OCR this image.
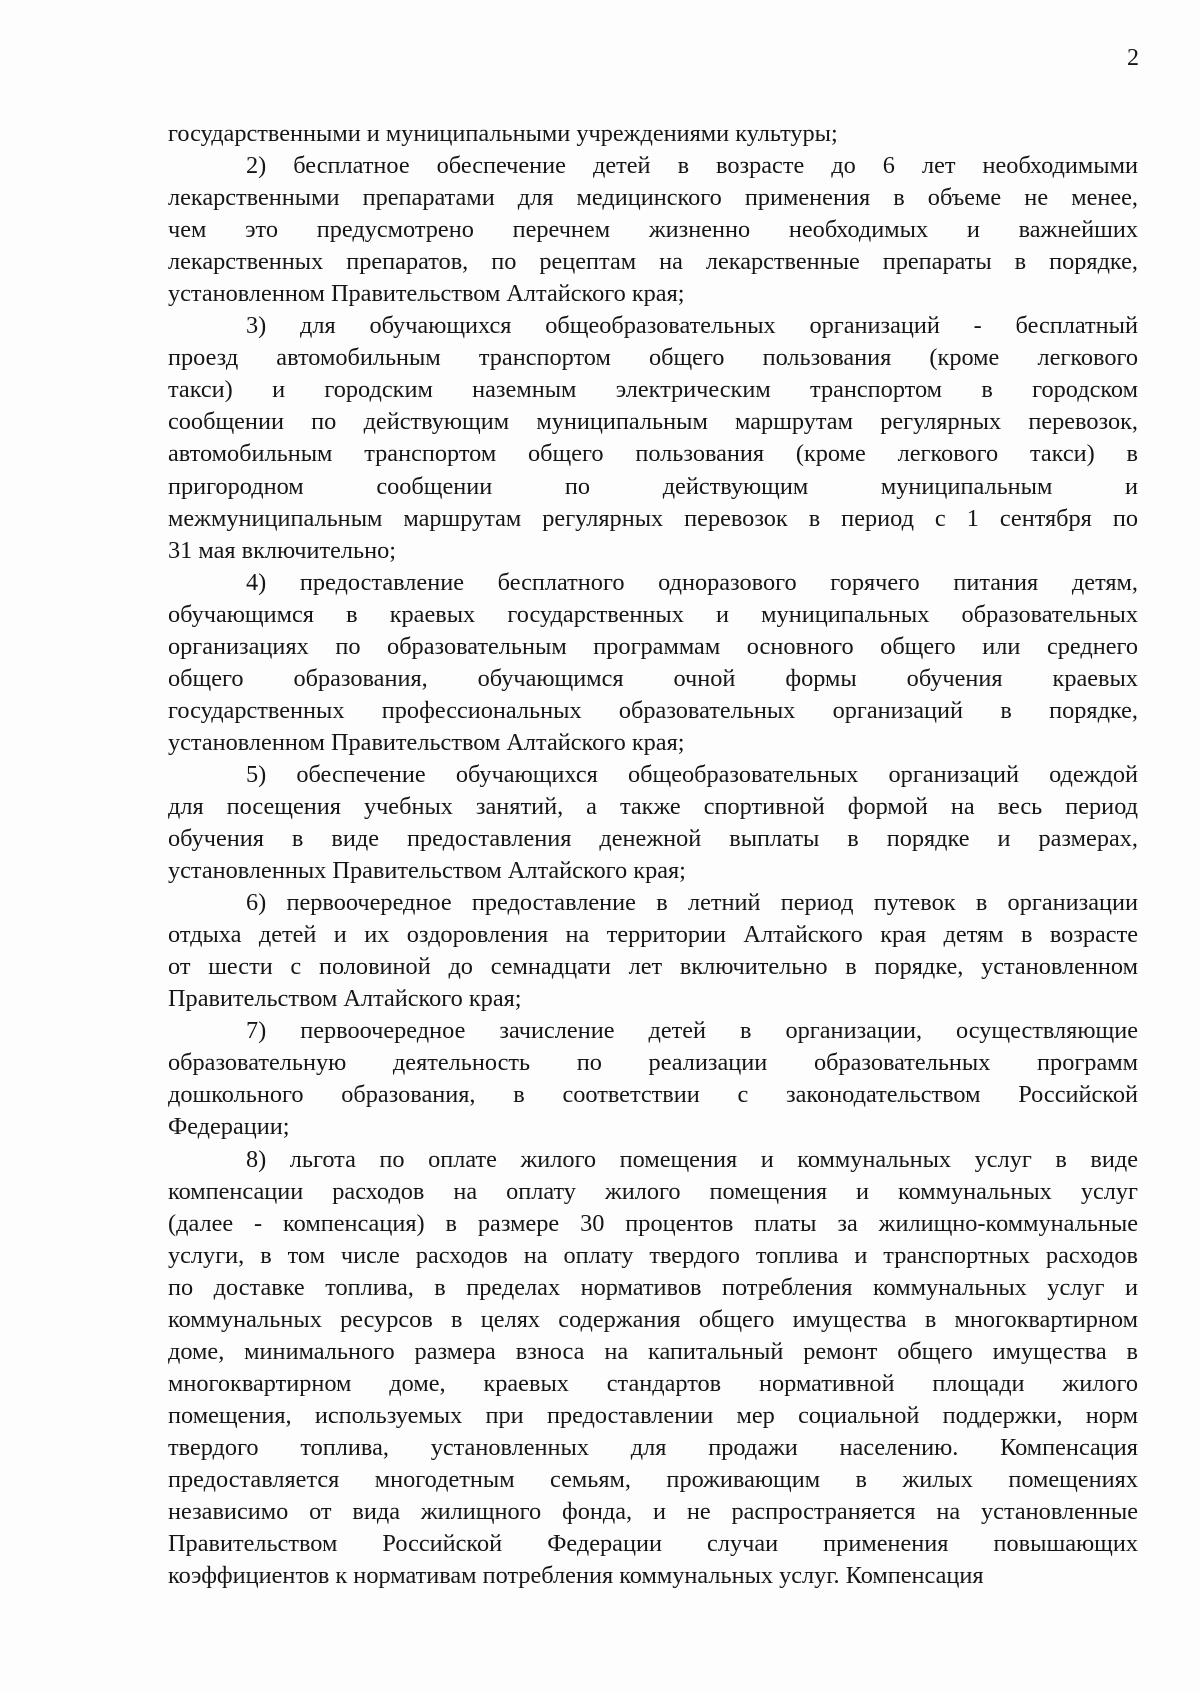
2
государственными и муниципальными учреждениями культуры;
2) бесплатное обеспечение детей в возрасте до 6 лет необходимыми
лекарственными препаратами для медицинского применения в объеме не менее,
чем это предусмотрено перечнем жизненно необходимых и важнейших
лекарственных препаратов, по рецептам на лекарственные препараты в порядке,
установленном Правительством Алтайского края;
3) для обучающихся общеобразовательных организаций - бесплатный
проезд автомобильным транспортом общего пользования (кроме легкового
такси) и городским наземным электрическим транспортом в городском
сообщении по действующим муниципальным маршрутам регулярных перевозок,
автомобильным транспортом общего пользования (кроме легкового такси) в
пригородном сообщении по действующим муниципальным и
межмуниципальным маршрутам регулярных перевозок в период с 1 сентября по
31 мая включительно;
4) предоставление бесплатного одноразового горячего питания детям,
обучающимся в краевых государственных и муниципальных образовательных
организациях по образовательным программам основного общего или среднего
общего образования, обучающимся очной формы обучения краевых
государственных профессиональных образовательных организаций в порядке,
установленном Правительством Алтайского края;
5) обеспечение обучающихся общеобразовательных организаций одеждой
для посещения учебных занятий, а также спортивной формой на весь период
обучения в виде предоставления денежной выплаты в порядке и размерах,
установленных Правительством Алтайского края;
6) первоочередное предоставление в летний период путевок в организации
отдыха детей и их оздоровления на территории Алтайского края детям в возрасте
от шести с половиной до семнадцати лет включительно в порядке, установленном
Правительством Алтайского края;
7) первоочередное зачисление детей в организации, осуществляющие
образовательную деятельность по реализации образовательных программ
дошкольного образования, в соответствии с законодательством Российской
Федерации;
8) льгота по оплате жилого помещения и коммунальных услуг в виде
компенсации расходов на оплату жилого помещения и коммунальных услуг
(далее - компенсация) в размере 30 процентов платы за жилищно-коммунальные
услуги, в том числе расходов на оплату твердого топлива и транспортных расходов
по доставке топлива, в пределах нормативов потребления коммунальных услуг и
коммунальных ресурсов в целях содержания общего имущества в многоквартирном
доме, минимального размера взноса на капитальный ремонт общего имущества в
многоквартирном доме, краевых стандартов нормативной площади жилого
помещения, используемых при предоставлении мер социальной поддержки, норм
твердого топлива, установленных для продажи населению. Компенсация
предоставляется многодетным семьям, проживающим в жилых помещениях
независимо от вида жилищного фонда, и не распространяется на установленные
Правительством Российской Федерации случаи применения повышающих
коэффициентов к нормативам потребления коммунальных услуг. Компенсация
